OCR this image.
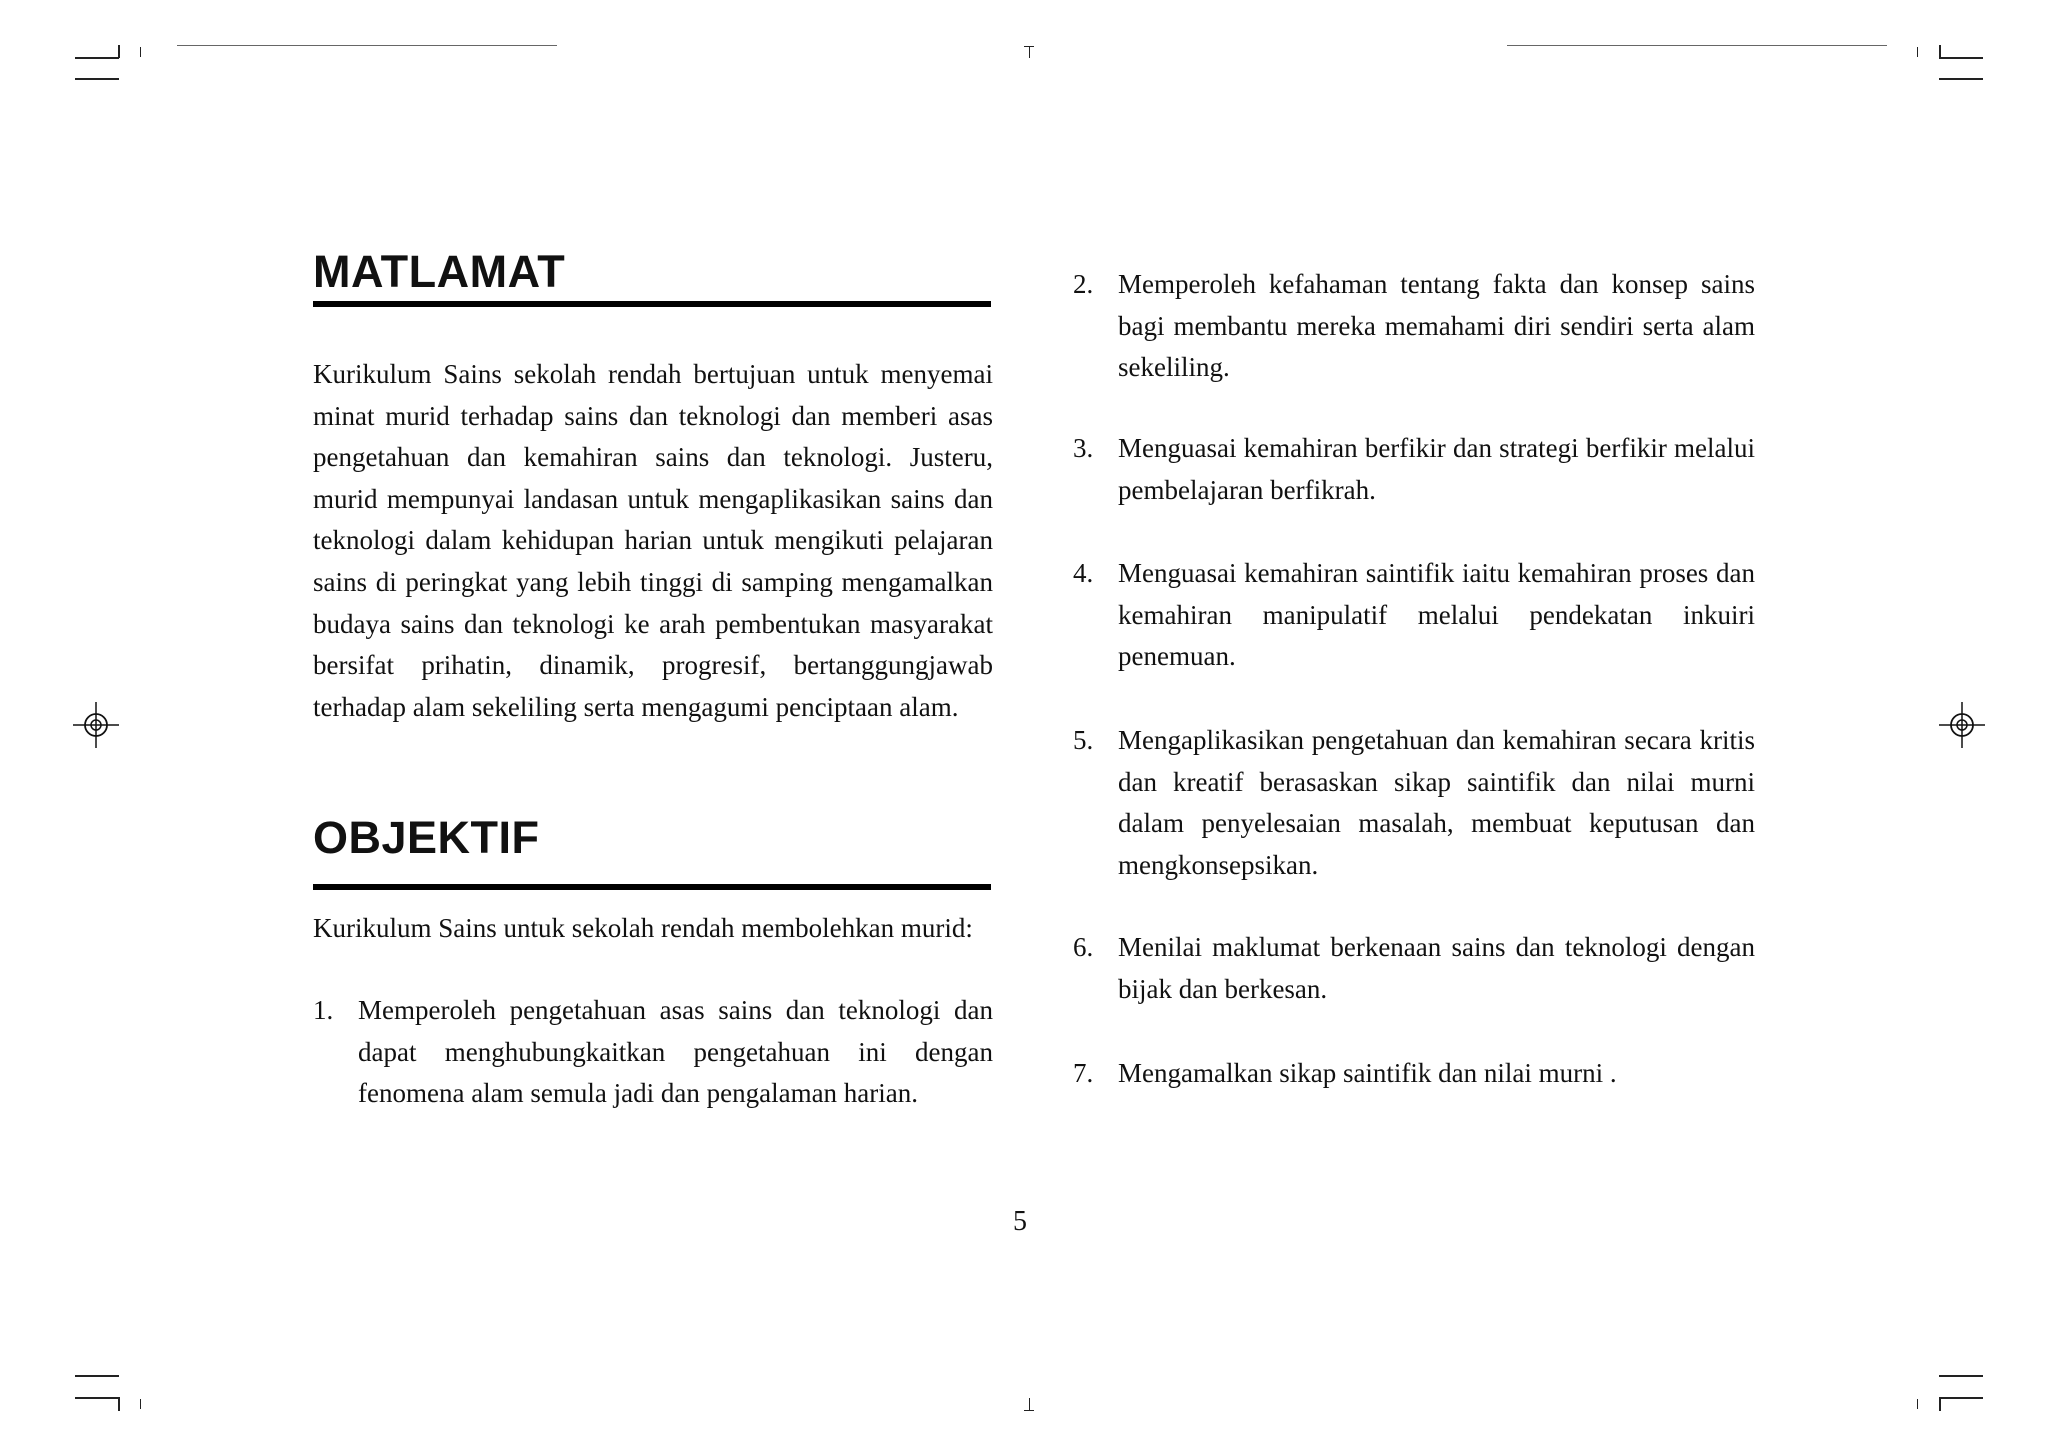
MATLAMAT

Kurikulum Sains sekolah rendah bertujuan untuk menyemai minat murid terhadap sains dan teknologi dan memberi asas pengetahuan dan kemahiran sains dan teknologi. Justeru, murid mempunyai landasan untuk mengaplikasikan sains dan teknologi dalam kehidupan harian untuk mengikuti pelajaran sains di peringkat yang lebih tinggi di samping mengamalkan budaya sains dan teknologi ke arah pembentukan masyarakat bersifat prihatin, dinamik, progresif, bertanggungjawab terhadap alam sekeliling serta mengagumi penciptaan alam.

OBJEKTIF

Kurikulum Sains untuk sekolah rendah membolehkan murid:

1. Memperoleh pengetahuan asas sains dan teknologi dan dapat menghubungkaitkan pengetahuan ini dengan fenomena alam semula jadi dan pengalaman harian.
2. Memperoleh kefahaman tentang fakta dan konsep sains bagi membantu mereka memahami diri sendiri serta alam sekeliling.
3. Menguasai kemahiran berfikir dan strategi berfikir melalui pembelajaran berfikrah.
4. Menguasai kemahiran saintifik iaitu kemahiran proses dan kemahiran manipulatif melalui pendekatan inkuiri penemuan.
5. Mengaplikasikan pengetahuan dan kemahiran secara kritis dan kreatif berasaskan sikap saintifik dan nilai murni dalam penyelesaian masalah, membuat keputusan dan mengkonsepsikan.
6. Menilai maklumat berkenaan sains dan teknologi dengan bijak dan berkesan.
7. Mengamalkan sikap saintifik dan nilai murni .
5
